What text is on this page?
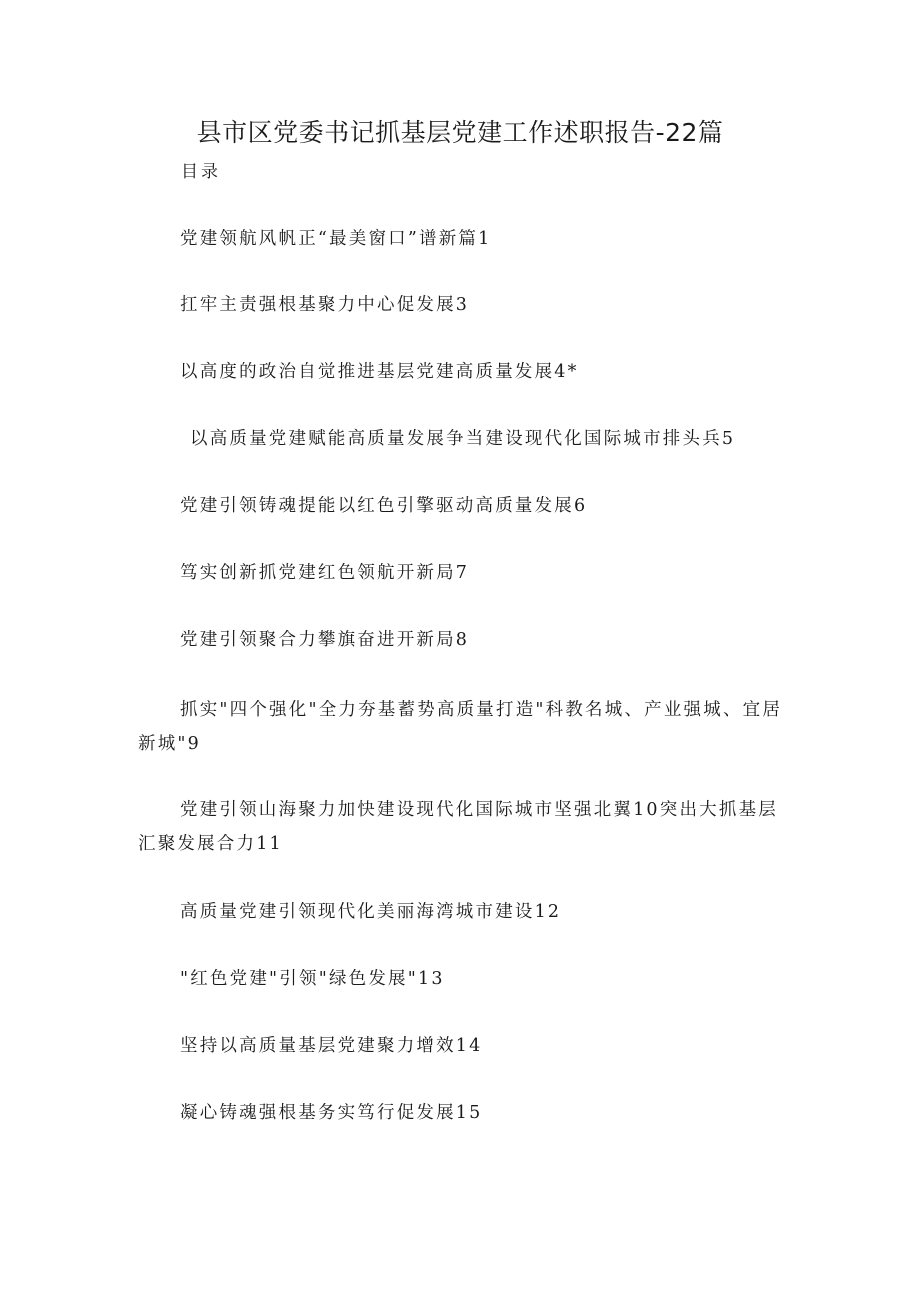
县市区党委书记抓基层党建工作述职报告-22篇
目录
党建领航风帆正“最美窗口”谱新篇1
扛牢主责强根基聚力中心促发展3
以高度的政治自觉推进基层党建高质量发展4*
以高质量党建赋能高质量发展争当建设现代化国际城市排头兵5
党建引领铸魂提能以红色引擎驱动高质量发展6
笃实创新抓党建红色领航开新局7
党建引领聚合力攀旗奋进开新局8
抓实"四个强化"全力夯基蓄势高质量打造"科教名城、产业强城、宜居新城"9
党建引领山海聚力加快建设现代化国际城市坚强北翼10突出大抓基层汇聚发展合力11
高质量党建引领现代化美丽海湾城市建设12
"红色党建"引领"绿色发展"13
坚持以高质量基层党建聚力增效14
凝心铸魂强根基务实笃行促发展15
